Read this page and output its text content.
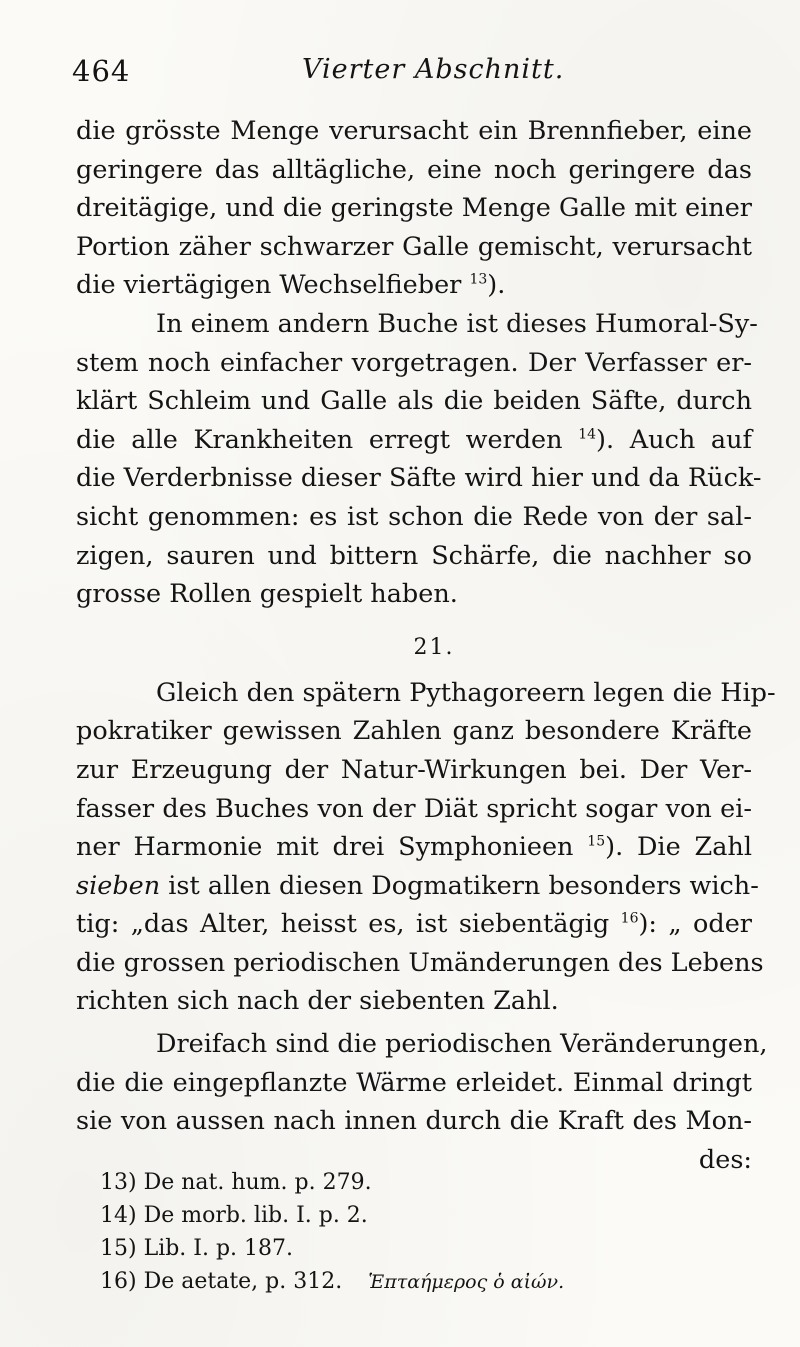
464	Vierter Abschnitt.
die grösste Menge verursacht ein Brennfieber, eine
geringere das alltägliche, eine noch geringere das
dreitägige, und die geringste Menge Galle mit einer
Portion zäher schwarzer Galle gemischt, verursacht
die viertägigen Wechselfieber $^{13}$).
In einem andern Buche ist dieses Humoral-Sy-
stem noch einfacher vorgetragen. Der Verfasser er-
klärt Schleim und Galle als die beiden Säfte, durch
die alle Krankheiten erregt werden $^{14}$). Auch auf
die Verderbnisse dieser Säfte wird hier und da Rück-
sicht genommen: es ist schon die Rede von der sal-
zigen, sauren und bittern Schärfe, die nachher so
grosse Rollen gespielt haben.
21.
Gleich den spätern Pythagoreern legen die Hip-
pokratiker gewissen Zahlen ganz besondere Kräfte
zur Erzeugung der Natur-Wirkungen bei. Der Ver-
fasser des Buches von der Diät spricht sogar von ei-
ner Harmonie mit drei Symphonieen $^{15}$). Die Zahl
sieben ist allen diesen Dogmatikern besonders wich-
tig: „das Alter, heisst es, ist siebentägig $^{16}$): „ oder
die grossen periodischen Umänderungen des Lebens
richten sich nach der siebenten Zahl.
Dreifach sind die periodischen Veränderungen,
die die eingepflanzte Wärme erleidet. Einmal dringt
sie von aussen nach innen durch die Kraft des Mon-
des:
13) De nat. hum. p. 279.
14) De morb. lib. I. p. 2.
15) Lib. I. p. 187.
16) De aetate, p. 312. Ἑπταήμερος ὁ αἰών.
